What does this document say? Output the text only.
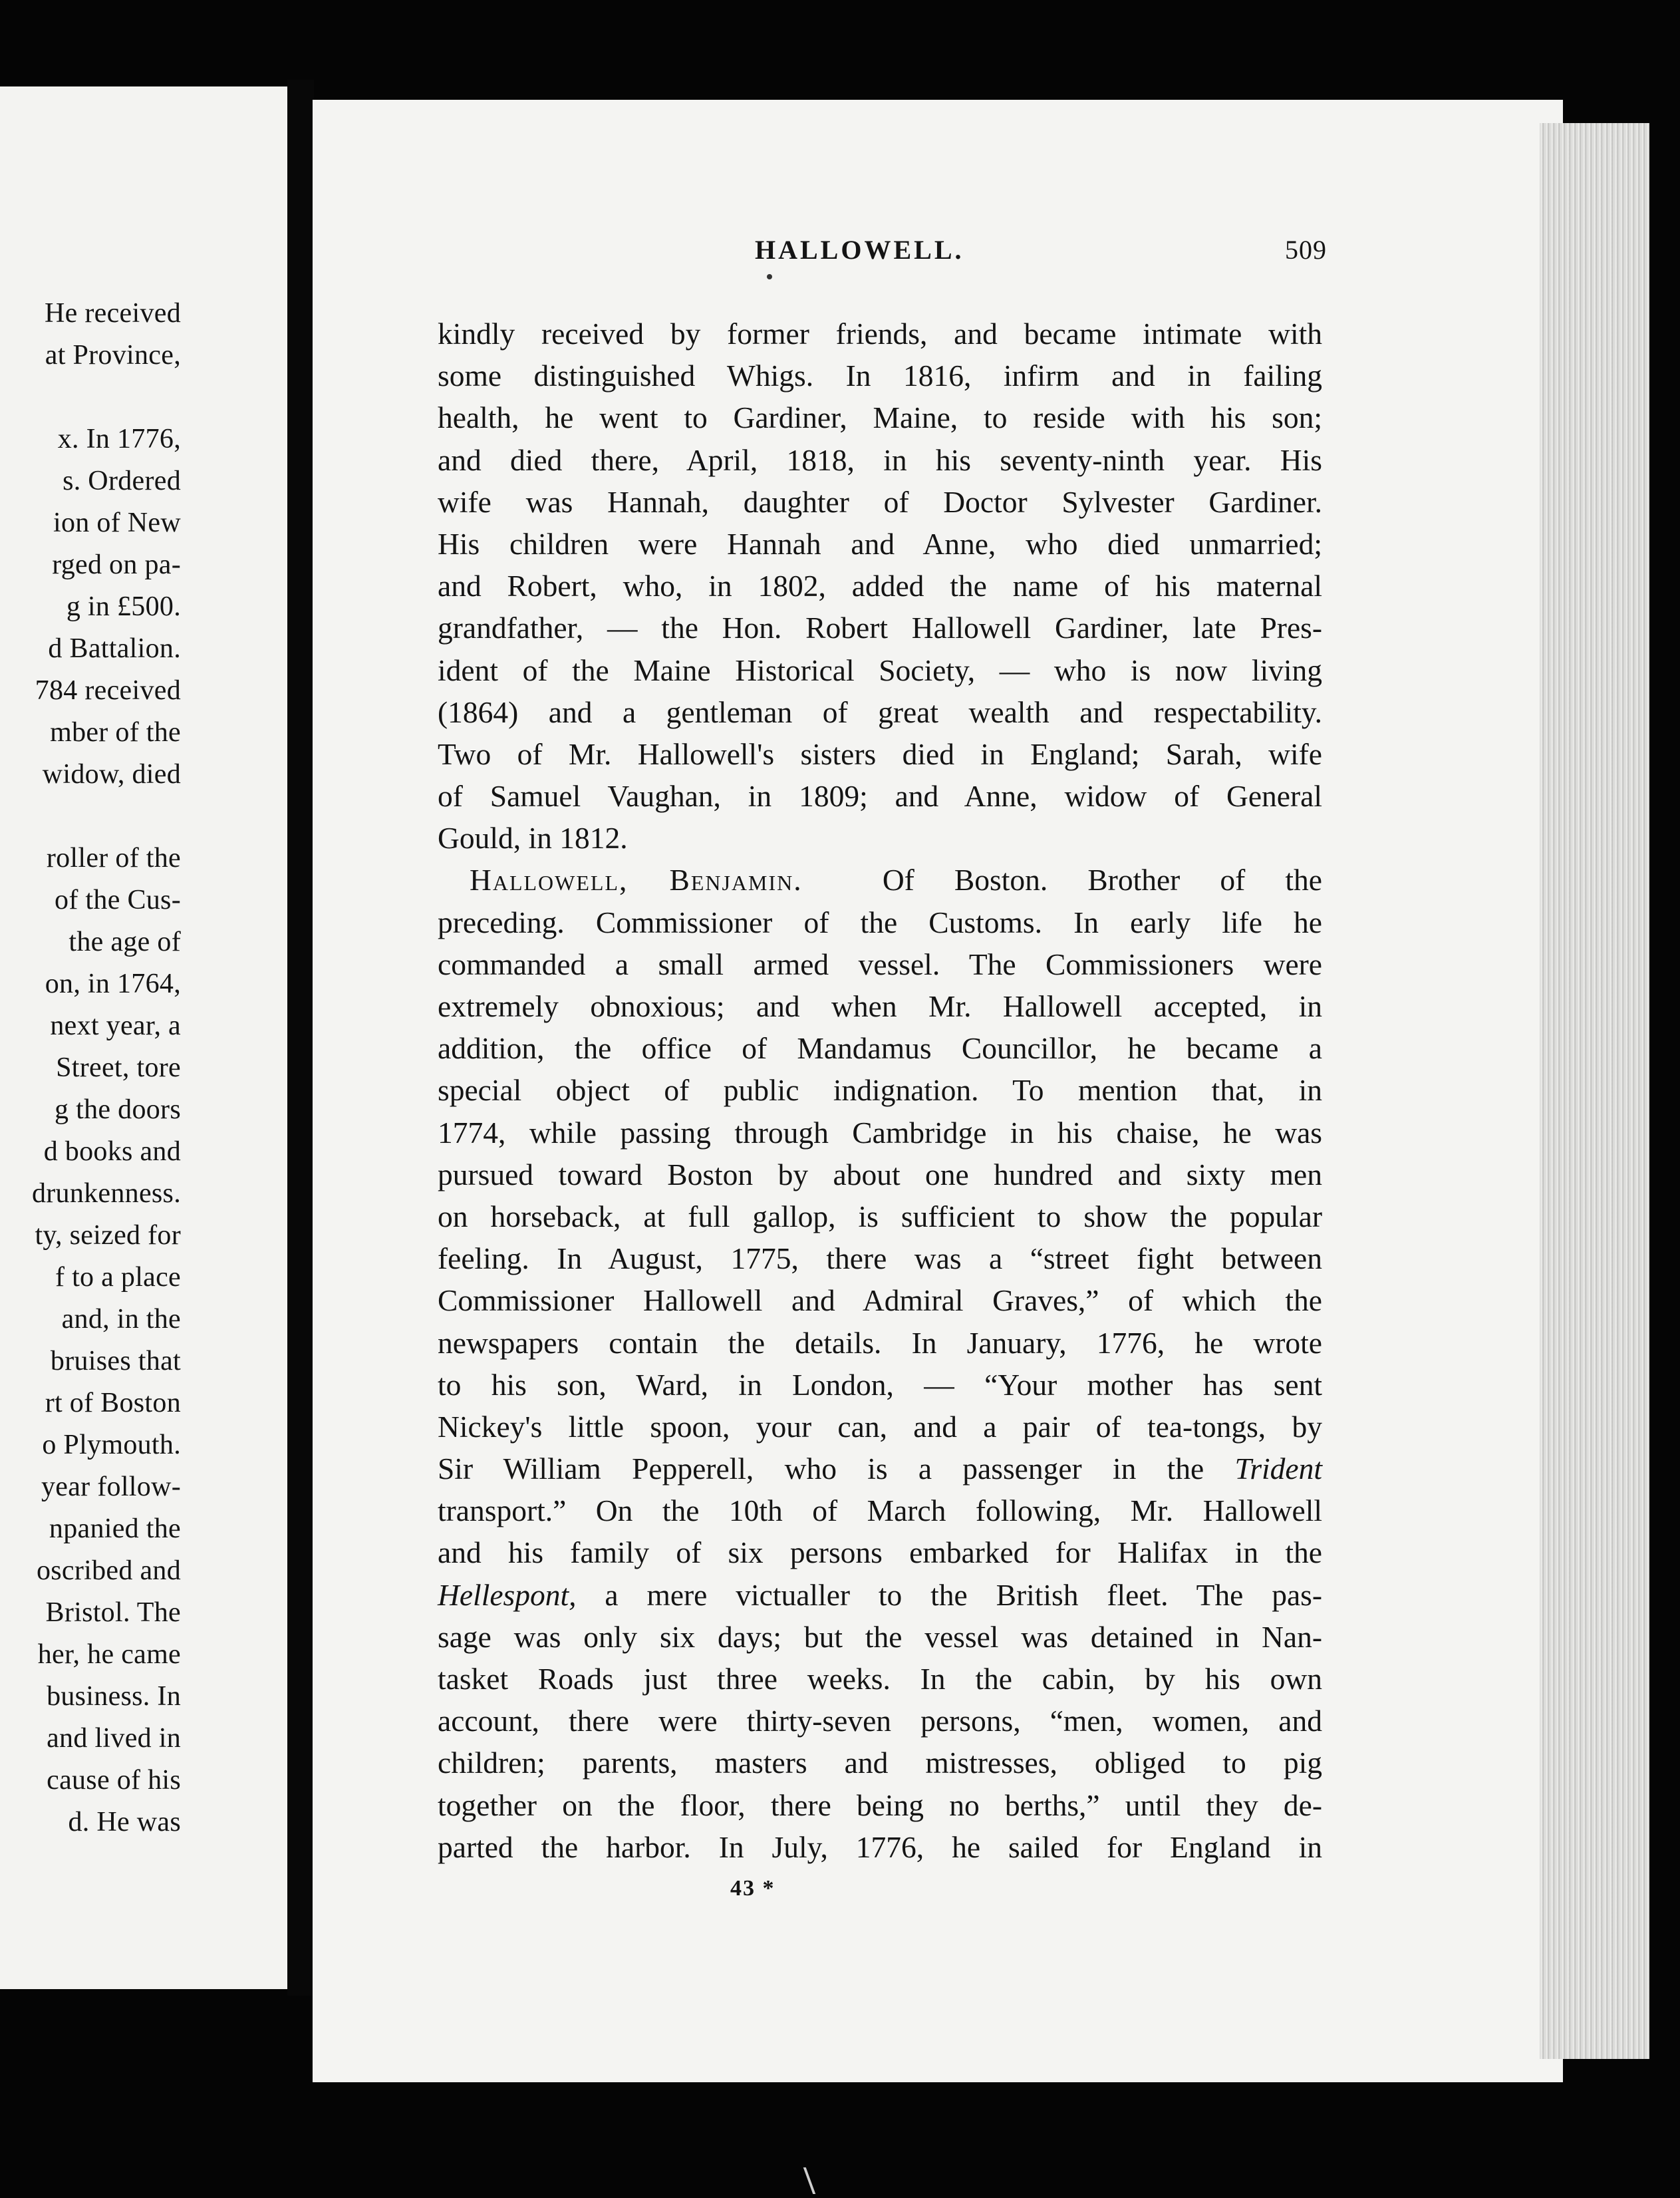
He received

at Province,

x. In 1776,

s. Ordered

ion of New

rged on pa-

g in £500.

d Battalion.

784 received

mber of the

widow, died

roller of the

of the Cus-

the age of

on, in 1764,

next year, a

Street, tore

g the doors

d books and

drunkenness.

ty, seized for

f to a place

and, in the

bruises that

rt of Boston

o Plymouth.

year follow-

npanied the

oscribed and

Bristol. The

her, he came

business. In

and lived in

cause of his

d. He was

HALLOWELL.	509
kindly received by former friends, and became intimate with
some distinguished Whigs. In 1816, infirm and in failing
health, he went to Gardiner, Maine, to reside with his son;
and died there, April, 1818, in his seventy-ninth year. His
wife was Hannah, daughter of Doctor Sylvester Gardiner.
His children were Hannah and Anne, who died unmarried;
and Robert, who, in 1802, added the name of his maternal
grandfather, — the Hon. Robert Hallowell Gardiner, late Pres-
ident of the Maine Historical Society, — who is now living
(1864) and a gentleman of great wealth and respectability.
Two of Mr. Hallowell's sisters died in England; Sarah, wife
of Samuel Vaughan, in 1809; and Anne, widow of General
Gould, in 1812.
Hallowell, Benjamin.	Of Boston. Brother of the
preceding. Commissioner of the Customs. In early life he
commanded a small armed vessel. The Commissioners were
extremely obnoxious; and when Mr. Hallowell accepted, in
addition, the office of Mandamus Councillor, he became a
special object of public indignation. To mention that, in
1774, while passing through Cambridge in his chaise, he was
pursued toward Boston by about one hundred and sixty men
on horseback, at full gallop, is sufficient to show the popular
feeling. In August, 1775, there was a “street fight between
Commissioner Hallowell and Admiral Graves,” of which the
newspapers contain the details. In January, 1776, he wrote
to his son, Ward, in London, — “Your mother has sent
Nickey's little spoon, your can, and a pair of tea-tongs, by
Sir William Pepperell, who is a passenger in the Trident
transport.” On the 10th of March following, Mr. Hallowell
and his family of six persons embarked for Halifax in the
Hellespont, a mere victualler to the British fleet. The pas-
sage was only six days; but the vessel was detained in Nan-
tasket Roads just three weeks. In the cabin, by his own
account, there were thirty-seven persons, “men, women, and
children; parents, masters and mistresses, obliged to pig
together on the floor, there being no berths,” until they de-
parted the harbor. In July, 1776, he sailed for England in
43 *
